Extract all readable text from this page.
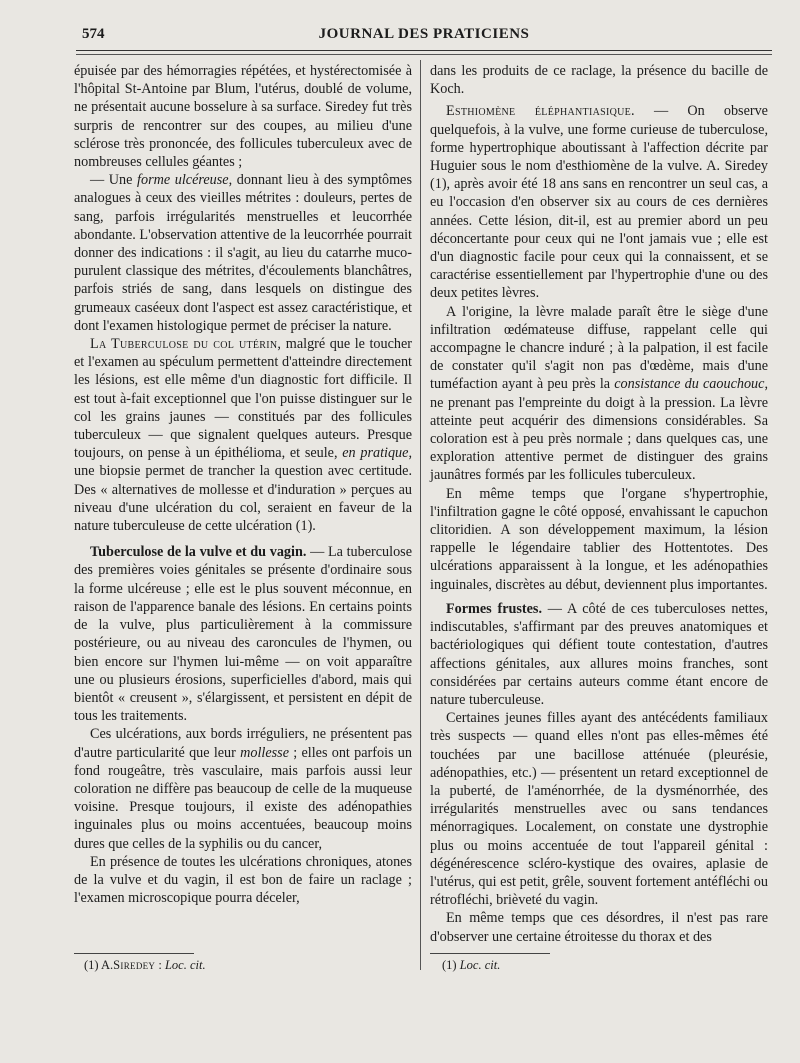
574	JOURNAL DES PRATICIENS

épuisée par des hémorragies répétées, et hystérectomisée à l'hôpital St-Antoine par Blum, l'utérus, doublé de volume, ne présentait aucune bosselure à sa surface. Siredey fut très surpris de rencontrer sur des coupes, au milieu d'une sclérose très prononcée, des follicules tuberculeux avec de nombreuses cellules géantes ;

— Une forme ulcéreuse, donnant lieu à des symptômes analogues à ceux des vieilles métrites : douleurs, pertes de sang, parfois irrégularités menstruelles et leucorrhée abondante. L'observation attentive de la leucorrhée pourrait donner des indications : il s'agit, au lieu du catarrhe muco-purulent classique des métrites, d'écoulements blanchâtres, parfois striés de sang, dans lesquels on distingue des grumeaux caséeux dont l'aspect est assez caractéristique, et dont l'examen histologique permet de préciser la nature.

La Tuberculose du col utérin, malgré que le toucher et l'examen au spéculum permettent d'atteindre directement les lésions, est elle même d'un diagnostic fort difficile. Il est tout à-fait exceptionnel que l'on puisse distinguer sur le col les grains jaunes — constitués par des follicules tuberculeux — que signalent quelques auteurs. Presque toujours, on pense à un épithélioma, et seule, en pratique, une biopsie permet de trancher la question avec certitude. Des « alternatives de mollesse et d'induration » perçues au niveau d'une ulcération du col, seraient en faveur de la nature tuberculeuse de cette ulcération (1).

Tuberculose de la vulve et du vagin. — La tuberculose des premières voies génitales se présente d'ordinaire sous la forme ulcéreuse ; elle est le plus souvent méconnue, en raison de l'apparence banale des lésions. En certains points de la vulve, plus particulièrement à la commissure postérieure, ou au niveau des caroncules de l'hymen, ou bien encore sur l'hymen lui-même — on voit apparaître une ou plusieurs érosions, superficielles d'abord, mais qui bientôt « creusent », s'élargissent, et persistent en dépit de tous les traitements.

Ces ulcérations, aux bords irréguliers, ne présentent pas d'autre particularité que leur mollesse ; elles ont parfois un fond rougeâtre, très vasculaire, mais parfois aussi leur coloration ne diffère pas beaucoup de celle de la muqueuse voisine. Presque toujours, il existe des adénopathies inguinales plus ou moins accentuées, beaucoup moins dures que celles de la syphilis ou du cancer,

En présence de toutes les ulcérations chroniques, atones de la vulve et du vagin, il est bon de faire un raclage ; l'examen microscopique pourra déceler,

dans les produits de ce raclage, la présence du bacille de Koch.

Esthiomène éléphantiasique. — On observe quelquefois, à la vulve, une forme curieuse de tuberculose, forme hypertrophique aboutissant à l'affection décrite par Huguier sous le nom d'esthiomène de la vulve. A. Siredey (1), après avoir été 18 ans sans en rencontrer un seul cas, a eu l'occasion d'en observer six au cours de ces dernières années. Cette lésion, dit-il, est au premier abord un peu déconcertante pour ceux qui ne l'ont jamais vue ; elle est d'un diagnostic facile pour ceux qui la connaissent, et se caractérise essentiellement par l'hypertrophie d'une ou des deux petites lèvres.

A l'origine, la lèvre malade paraît être le siège d'une infiltration œdémateuse diffuse, rappelant celle qui accompagne le chancre induré ; à la palpation, il est facile de constater qu'il s'agit non pas d'œdème, mais d'une tuméfaction ayant à peu près la consistance du caouchouc, ne prenant pas l'empreinte du doigt à la pression. La lèvre atteinte peut acquérir des dimensions considérables. Sa coloration est à peu près normale ; dans quelques cas, une exploration attentive permet de distinguer des grains jaunâtres formés par les follicules tuberculeux.

En même temps que l'organe s'hypertrophie, l'infiltration gagne le côté opposé, envahissant le capuchon clitoridien. A son développement maximum, la lésion rappelle le légendaire tablier des Hottentotes. Des ulcérations apparaissent à la longue, et les adénopathies inguinales, discrètes au début, deviennent plus importantes.

Formes frustes. — A côté de ces tuberculoses nettes, indiscutables, s'affirmant par des preuves anatomiques et bactériologiques qui défient toute contestation, d'autres affections génitales, aux allures moins franches, sont considérées par certains auteurs comme étant encore de nature tuberculeuse.

Certaines jeunes filles ayant des antécédents familiaux très suspects — quand elles n'ont pas elles-mêmes été touchées par une bacillose atténuée (pleurésie, adénopathies, etc.) — présentent un retard exceptionnel de la puberté, de l'aménorrhée, de la dysménorrhée, des irrégularités menstruelles avec ou sans tendances ménorragiques. Localement, on constate une dystrophie plus ou moins accentuée de tout l'appareil génital : dégénérescence scléro-kystique des ovaires, aplasie de l'utérus, qui est petit, grêle, souvent fortement antéfléchi ou rétrofléchi, brièveté du vagin.

En même temps que ces désordres, il n'est pas rare d'observer une certaine étroitesse du thorax et des

(1) A.Siredey : Loc. cit.	(1) Loc. cit.
